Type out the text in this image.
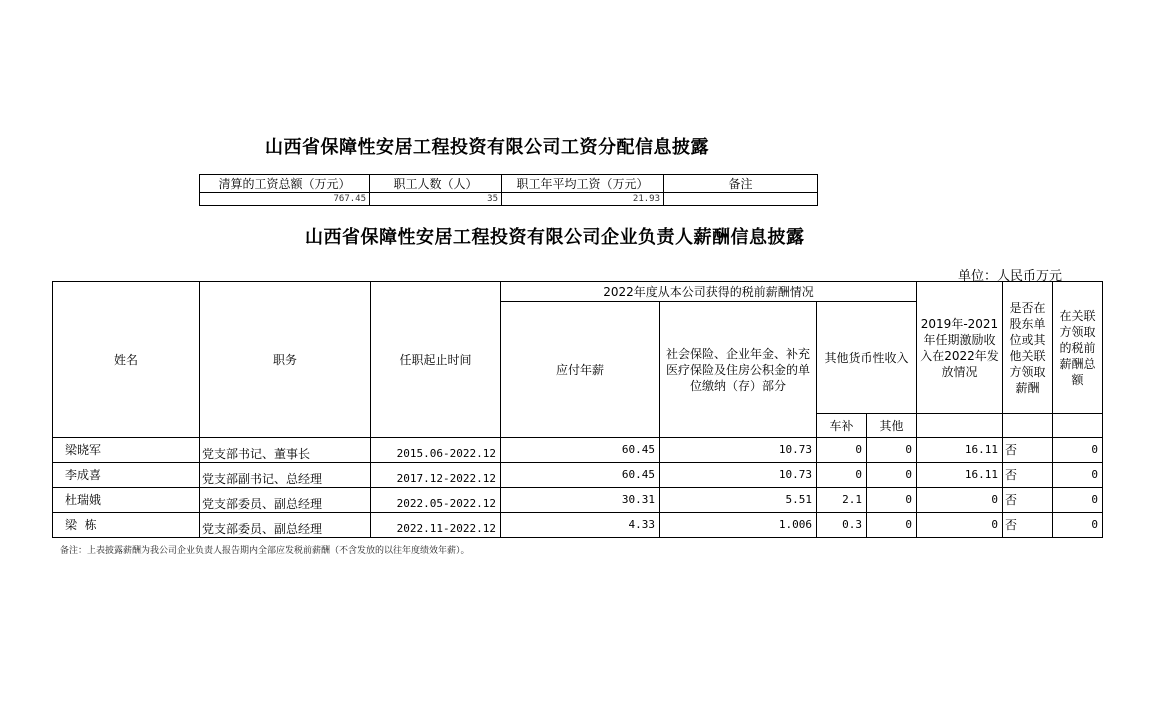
山西省保障性安居工程投资有限公司工资分配信息披露
清算的工资总额（万元）	职工人数（人）	职工年平均工资（万元）	备注
767.45	35	21.93	
山西省保障性安居工程投资有限公司企业负责人薪酬信息披露
单位：人民币万元
姓名	职务	任职起止时间	2022年度从本公司获得的税前薪酬情况				2019年-2021年任期激励收入在2022年发放情况	是否在股东单位或其他关联方领取薪酬	在关联方领取的税前薪酬总额
			应付年薪	社会保险、企业年金、补充医疗保险及住房公积金的单位缴纳（存）部分	其他货币性收入				
					车补	其他			
梁晓军	党支部书记、董事长	2015.06-2022.12	60.45	10.73	0	0	16.11	否	0
李成喜	党支部副书记、总经理	2017.12-2022.12	60.45	10.73	0	0	16.11	否	0
杜瑞娥	党支部委员、副总经理	2022.05-2022.12	30.31	5.51	2.1	0	0	否	0
梁  栋	党支部委员、副总经理	2022.11-2022.12	4.33	1.006	0.3	0	0	否	0
备注：上表披露薪酬为我公司企业负责人报告期内全部应发税前薪酬（不含发放的以往年度绩效年薪）。
